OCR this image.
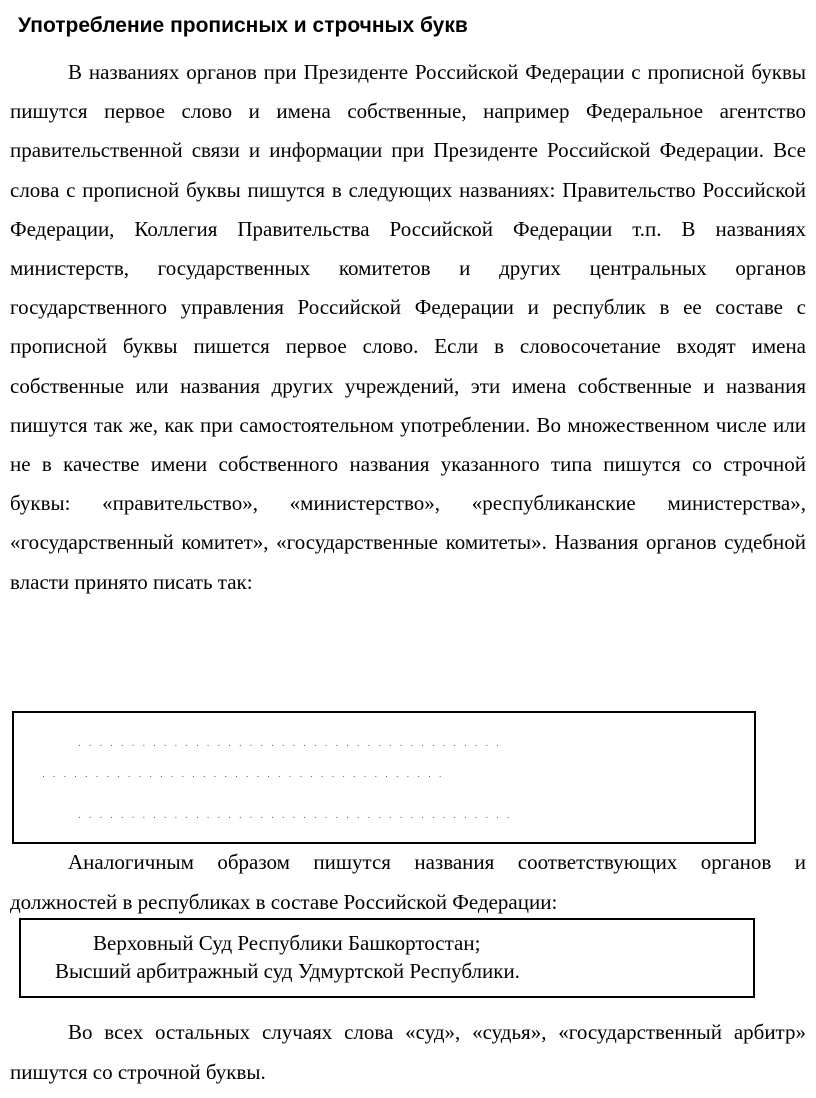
Употребление прописных и строчных букв

В названиях органов при Президенте Российской Федерации с прописной буквы пишутся первое слово и имена собственные, например Федеральное агентство правительственной связи и информации при Президенте Российской Федерации. Все слова с прописной буквы пишутся в следующих названиях: Правительство Российской Федерации, Коллегия Правительства Российской Федерации т.п. В названиях министерств, государственных комитетов и других центральных органов государственного управления Российской Федерации и республик в ее составе с прописной буквы пишется первое слово. Если в словосочетание входят имена собственные или названия других учреждений, эти имена собственные и названия пишутся так же, как при самостоятельном употреблении. Во множественном числе или не в качестве имени собственного названия указанного типа пишутся со строчной буквы: «правительство», «министерство», «республиканские министерства», «государственный комитет», «государственные комитеты». Названия органов судебной власти принято писать так:

. . . . . . . . . . . . . . . . . . . . . . . . . . . . . . . . . . . . . . . .
. . . . . . . . . . . . . . . . . . . . . . . . . . . . . . . . . . . . . .
. . . . . . . . . . . . . . . . . . . . . . . . . . . . . . . . . . . . . . . . .

Аналогичным образом пишутся названия соответствующих органов и должностей в республиках в составе Российской Федерации:

Верховный Суд Республики Башкортостан;
Высший арбитражный суд Удмуртской Республики.

Во всех остальных случаях слова «суд», «судья», «государственный арбитр» пишутся со строчной буквы.
